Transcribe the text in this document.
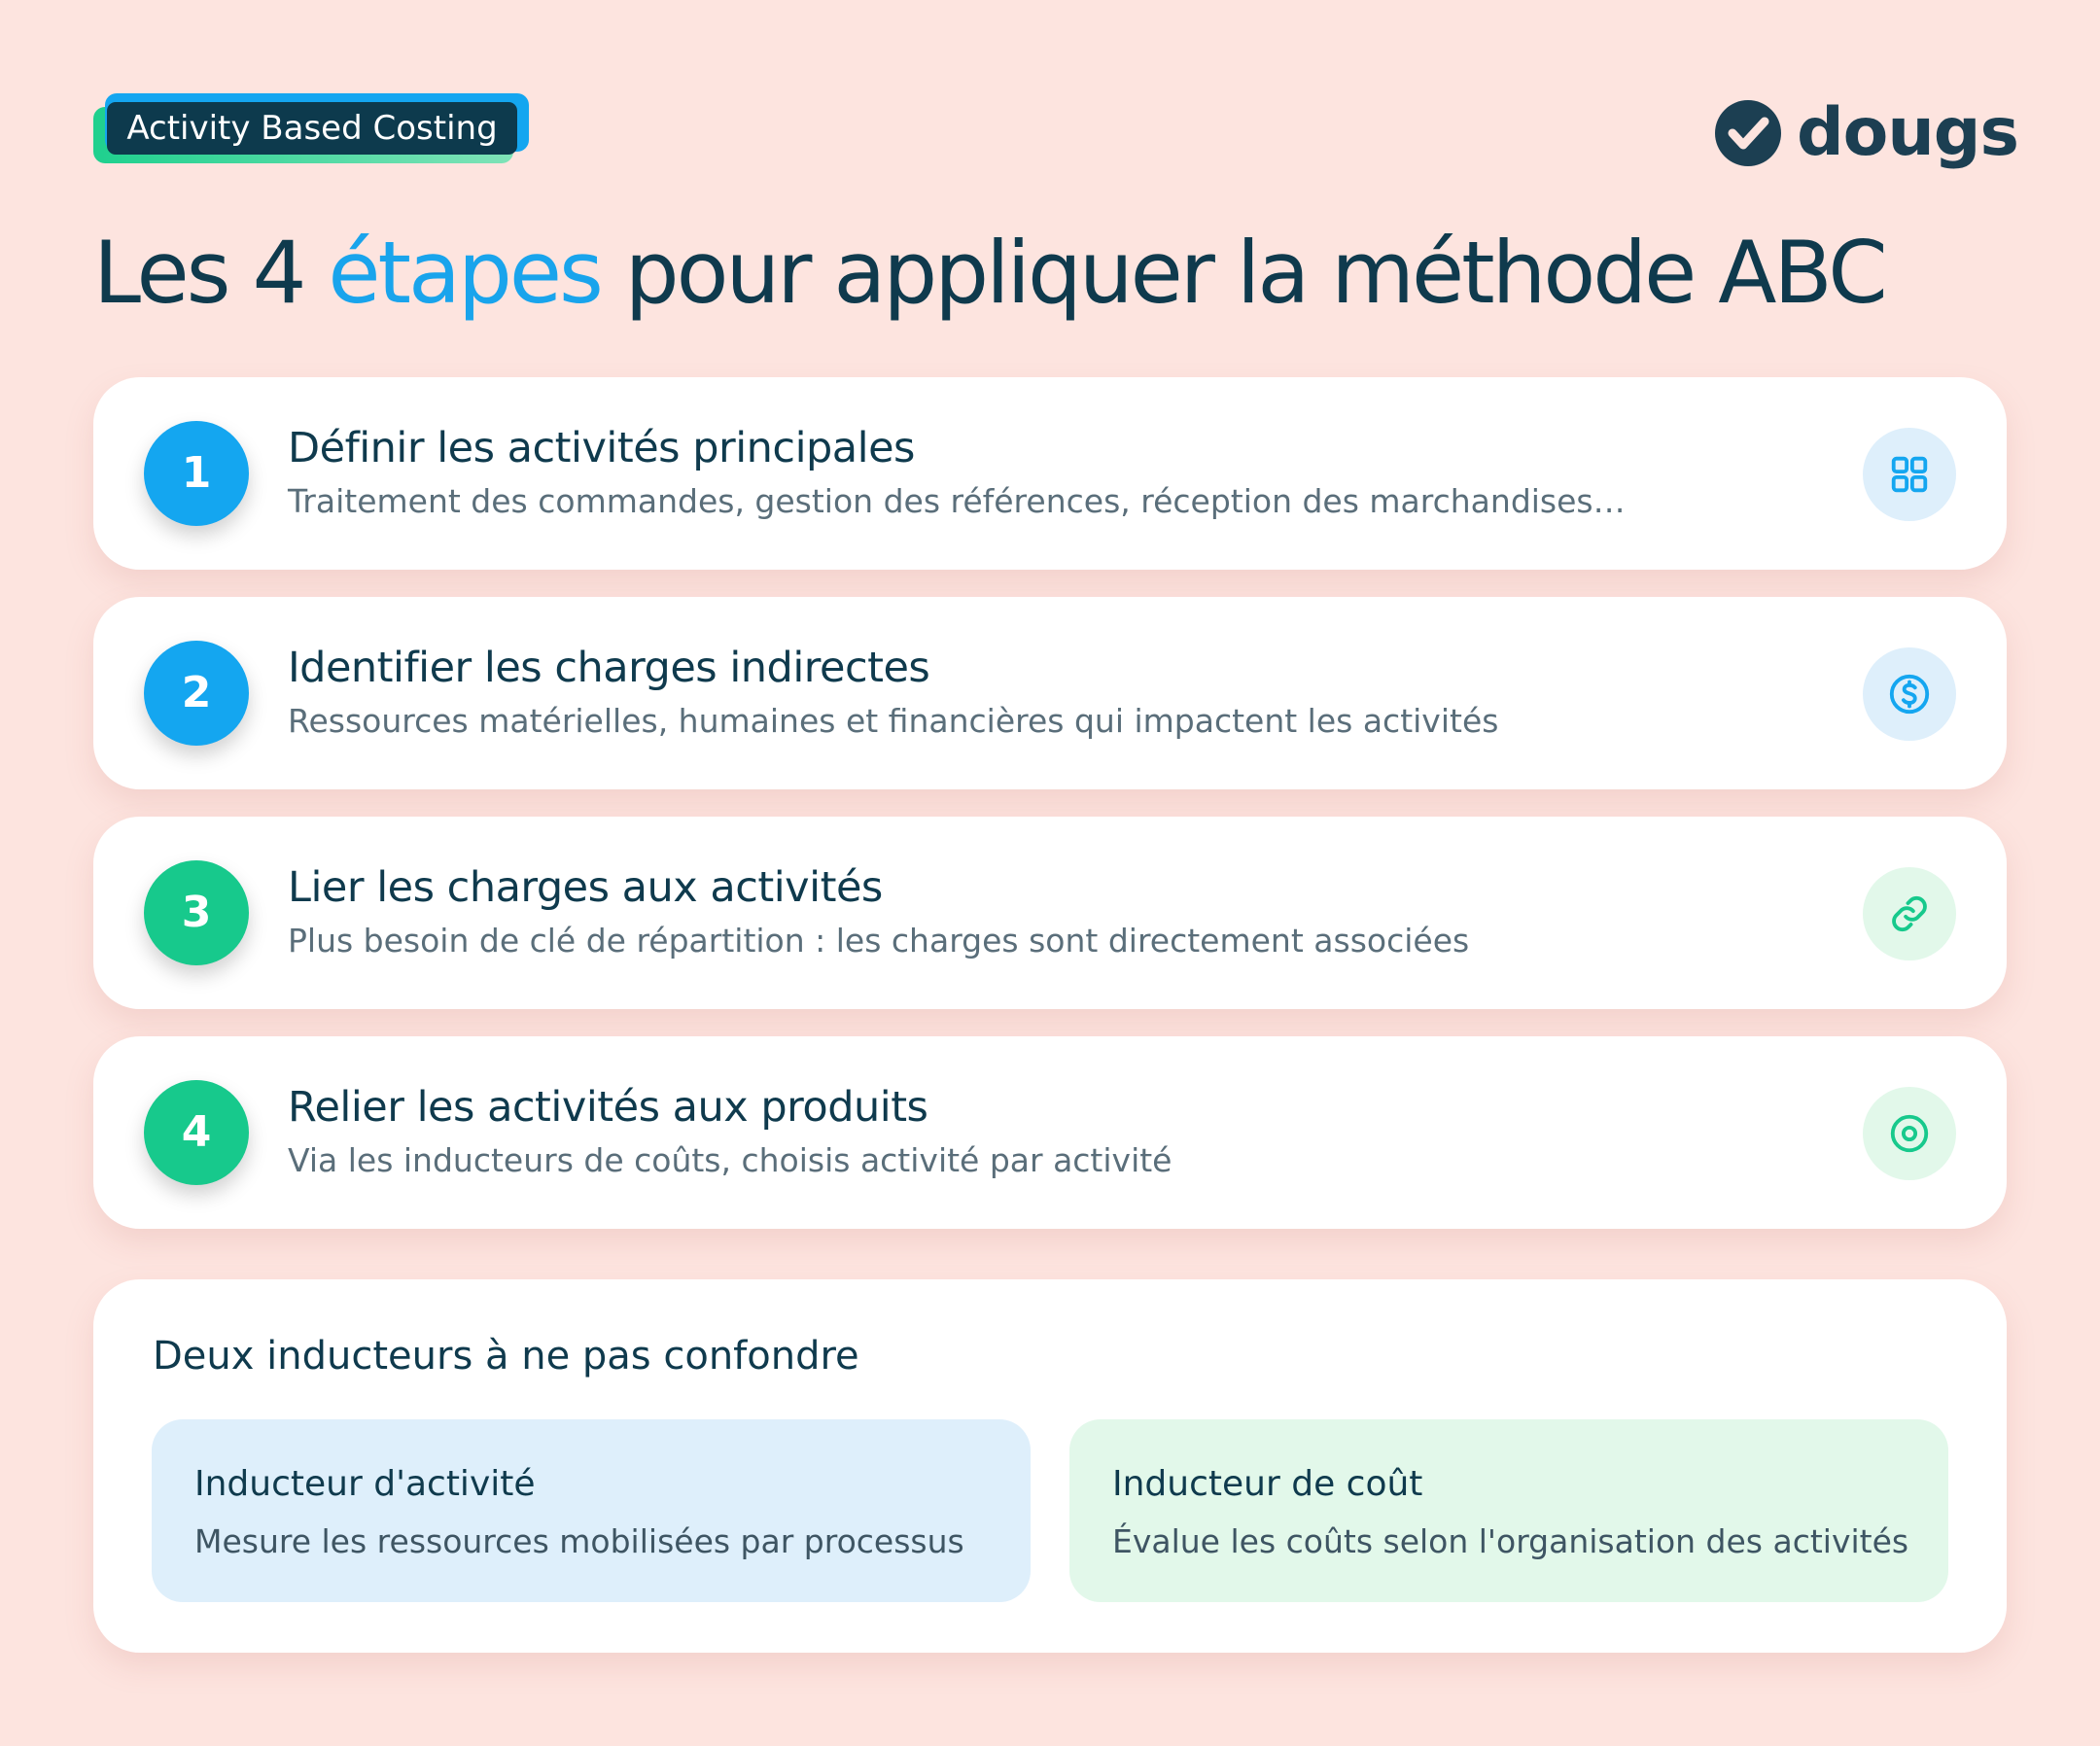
Activity Based Costing	dougs
Les 4 étapes pour appliquer la méthode ABC
1	Définir les activités principales
Traitement des commandes, gestion des références, réception des marchandises…
2	Identifier les charges indirectes
Ressources matérielles, humaines et financières qui impactent les activités
3	Lier les charges aux activités
Plus besoin de clé de répartition : les charges sont directement associées
4	Relier les activités aux produits
Via les inducteurs de coûts, choisis activité par activité
Deux inducteurs à ne pas confondre
Inducteur d'activité
Mesure les ressources mobilisées par processus
Inducteur de coût
Évalue les coûts selon l'organisation des activités
